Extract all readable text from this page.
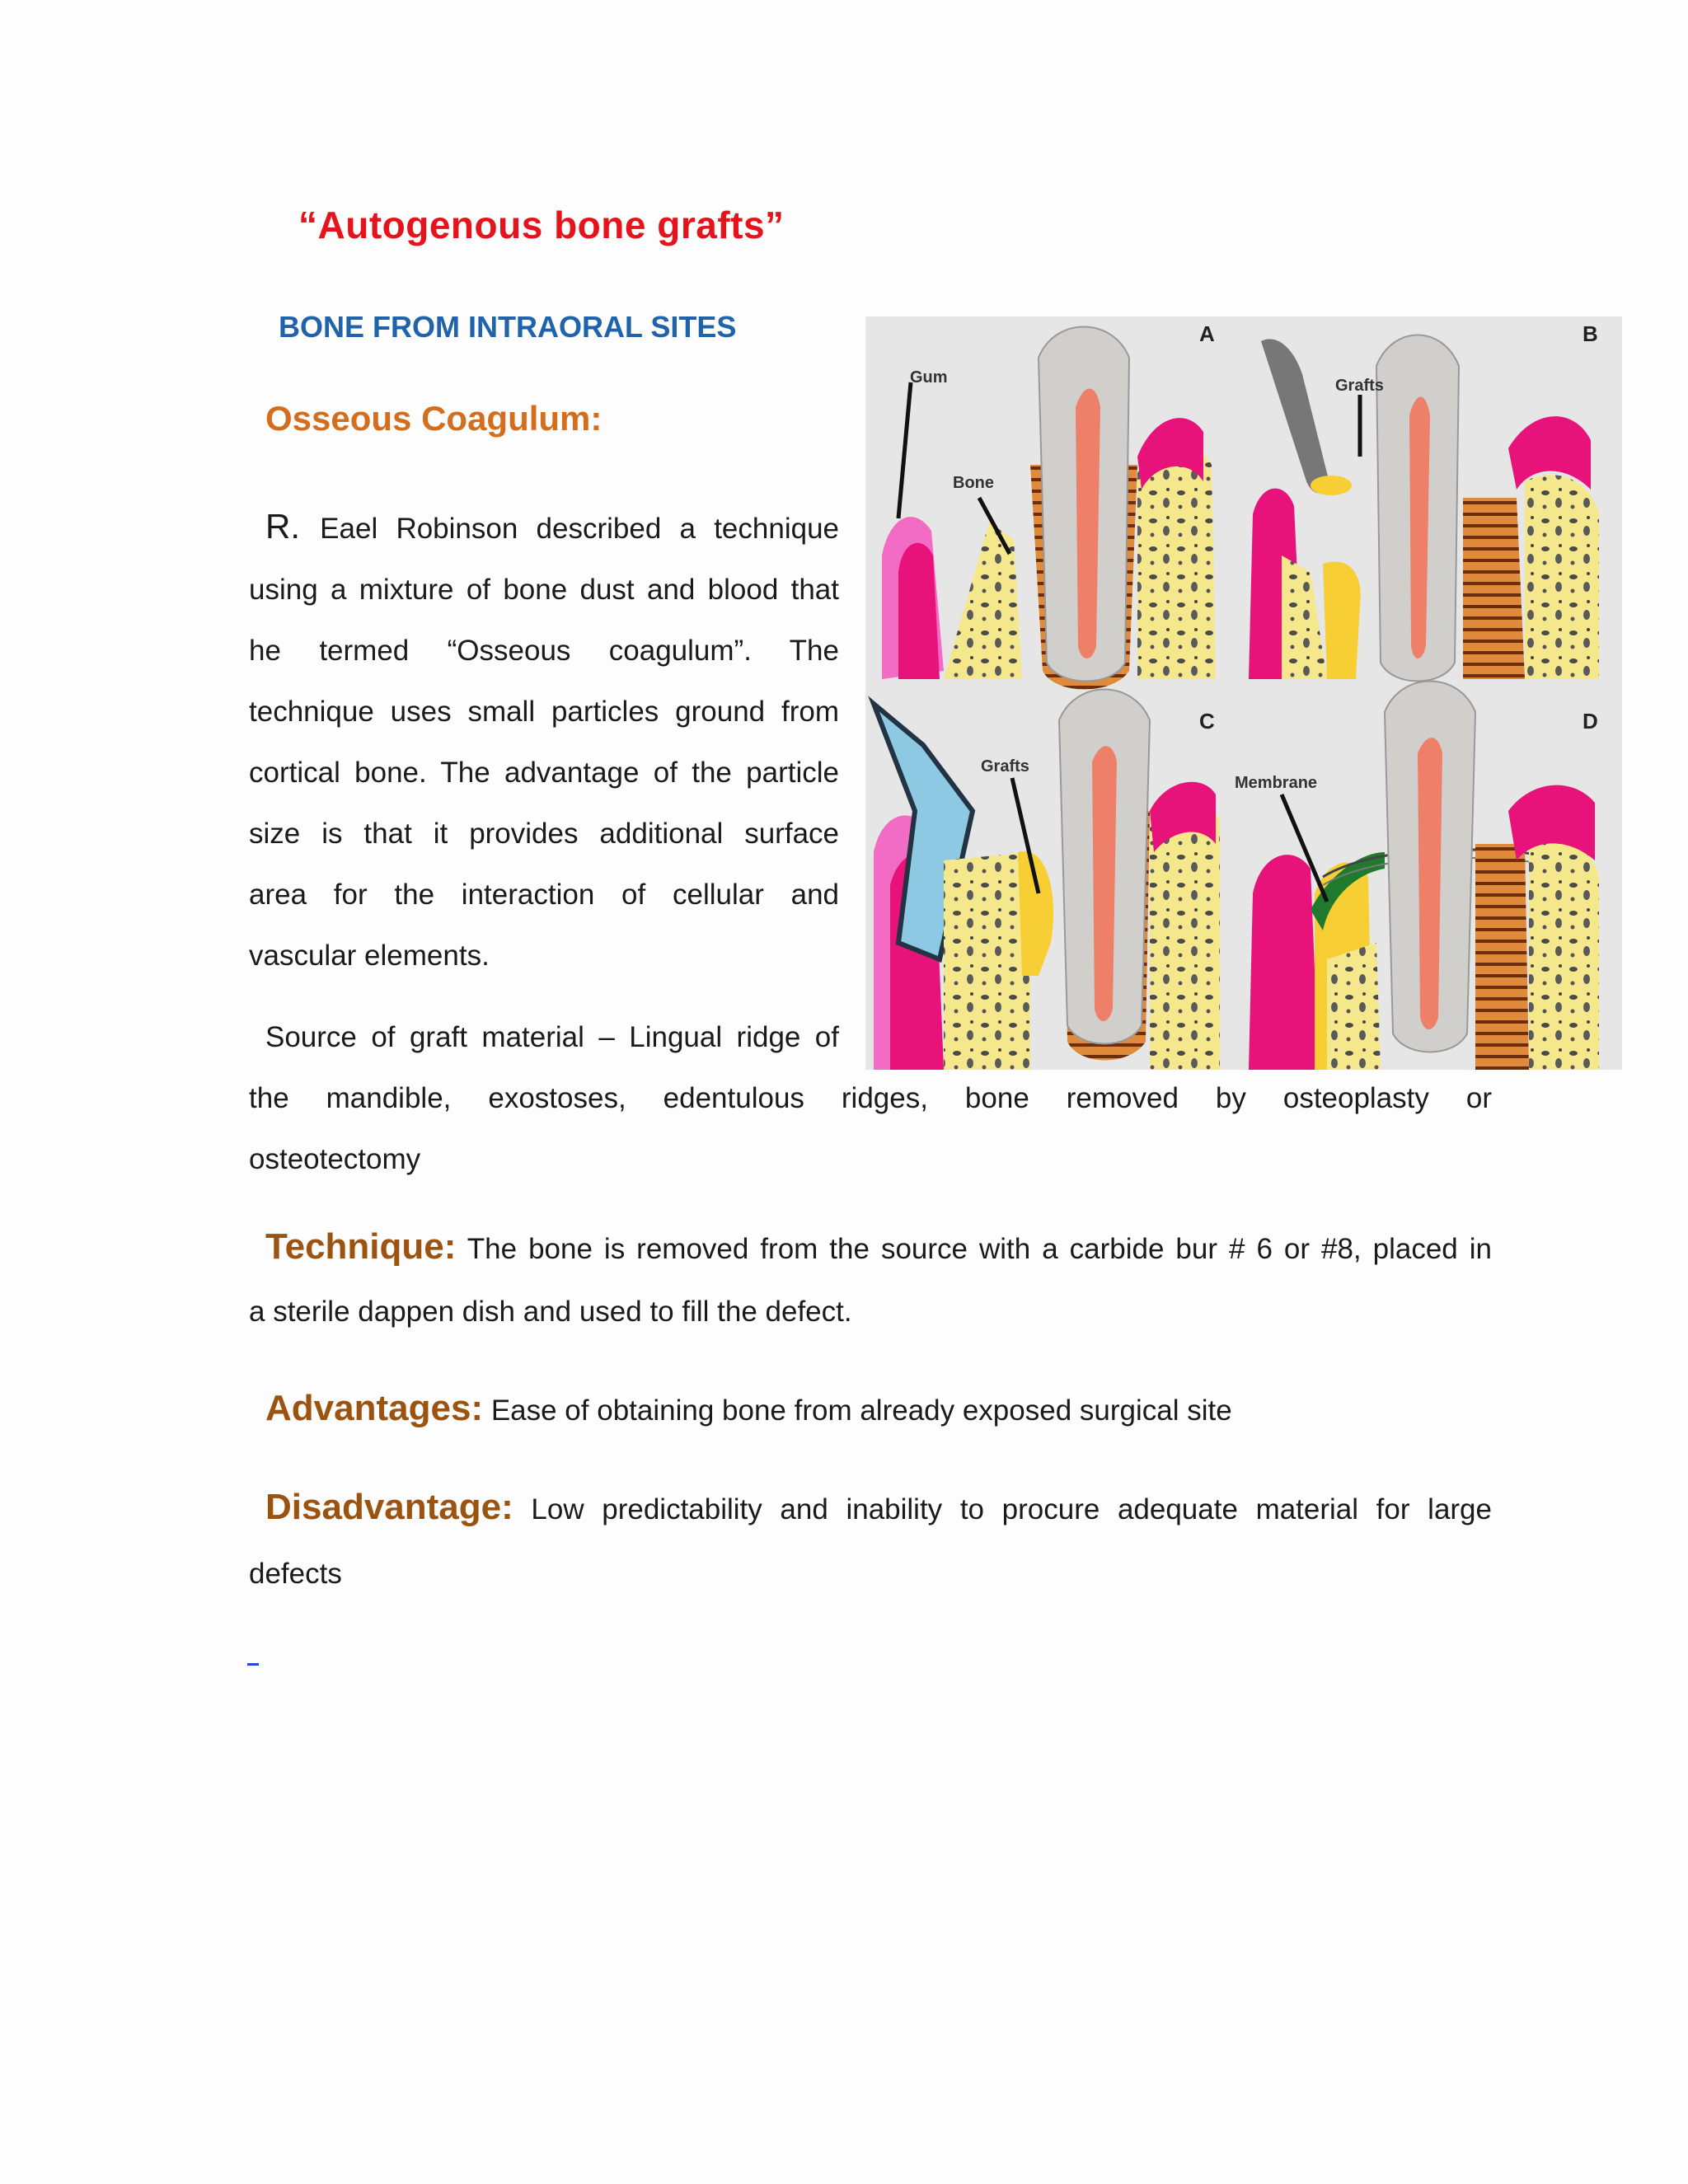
“Autogenous bone grafts”
BONE FROM INTRAORAL SITES
Osseous Coagulum:
R. Eael Robinson described a technique
using a mixture of bone dust and blood that
he termed “Osseous coagulum”. The
technique uses small particles ground from
cortical bone. The advantage of the particle
size is that it provides additional surface
area for the interaction of cellular and
vascular elements.
Source of graft material – Lingual ridge of
the mandible, exostoses, edentulous ridges, bone removed by osteoplasty or
osteotectomy
Technique: The bone is removed from the source with a carbide bur # 6 or #8, placed in
a sterile dappen dish and used to fill the defect.
Advantages: Ease of obtaining bone from already exposed surgical site
Disadvantage: Low predictability and inability to procure adequate material for large
defects
Gum
Bone
A
Grafts
B
Grafts
C
Membrane
D
